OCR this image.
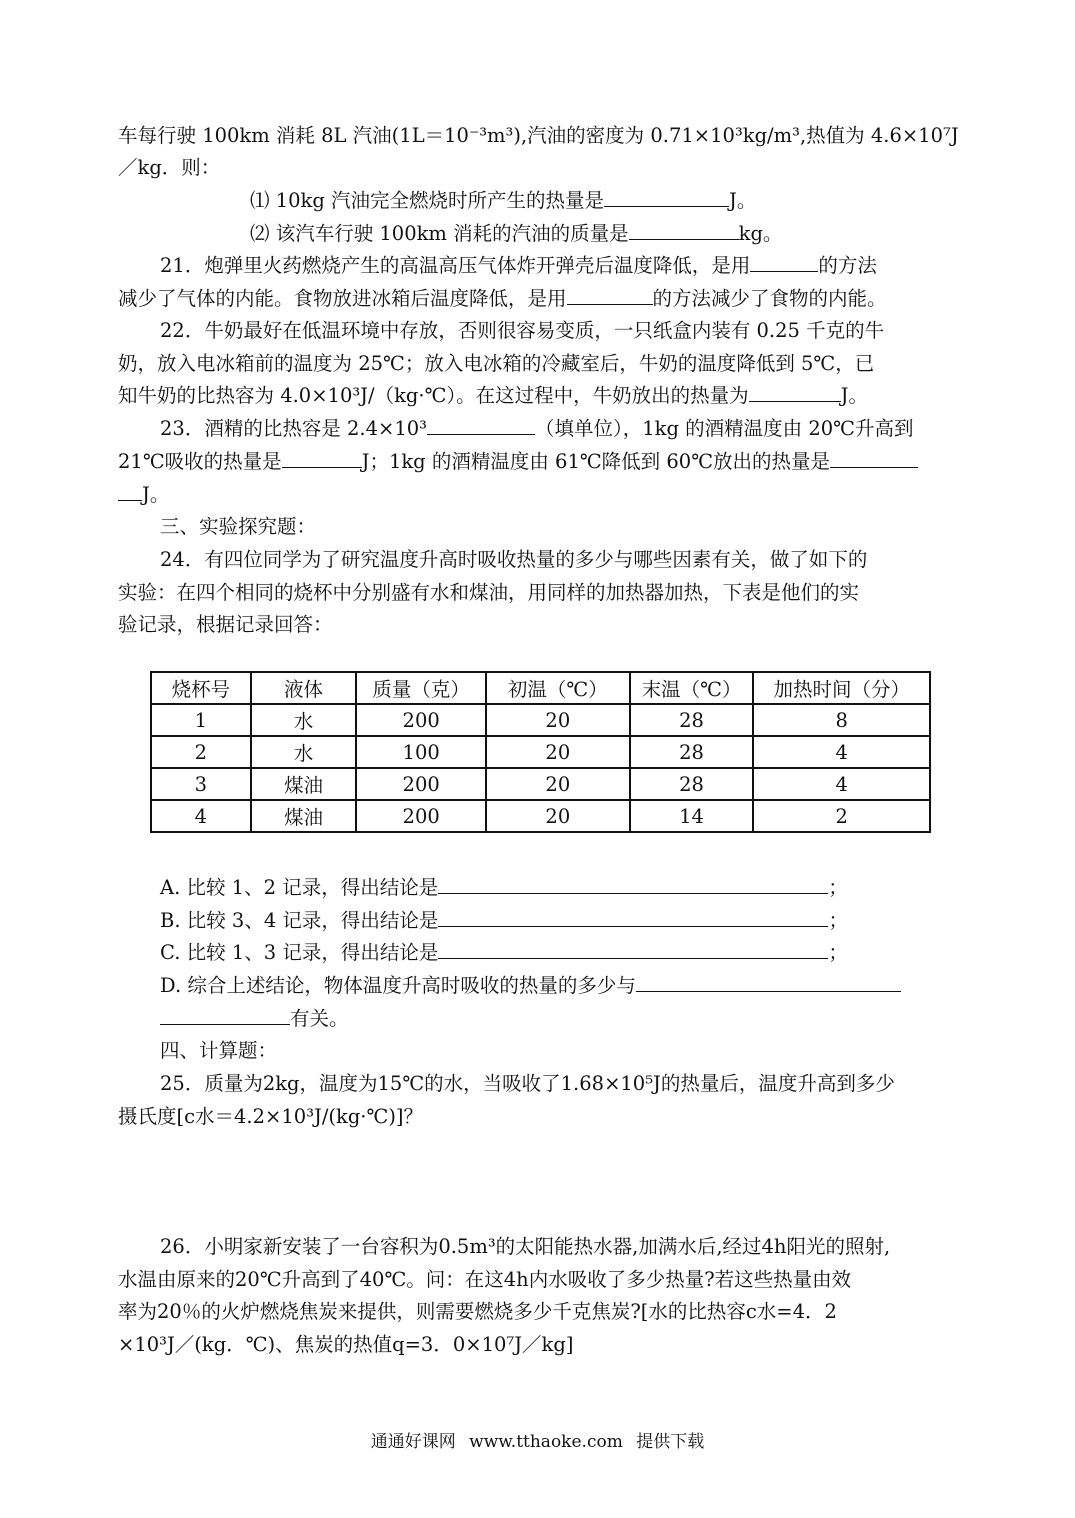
车每行驶 100km 消耗 8L 汽油(1L＝10⁻³m³),汽油的密度为 0.71×10³kg/m³,热值为 4.6×10⁷J
／kg．则：
⑴ 10kg 汽油完全燃烧时所产生的热量是	J。
⑵ 该汽车行驶 100km 消耗的汽油的质量是	kg。
21．炮弹里火药燃烧产生的高温高压气体炸开弹壳后温度降低，是用	的方法
减少了气体的内能。食物放进冰箱后温度降低，是用	的方法减少了食物的内能。
22．牛奶最好在低温环境中存放，否则很容易变质，一只纸盒内装有 0.25 千克的牛
奶，放入电冰箱前的温度为 25℃；放入电冰箱的冷藏室后，牛奶的温度降低到 5℃，已
知牛奶的比热容为 4.0×10³J/（kg·℃）。在这过程中，牛奶放出的热量为	J。
23．酒精的比热容是 2.4×10³	（填单位），1kg 的酒精温度由 20℃升高到
21℃吸收的热量是	J；1kg 的酒精温度由 61℃降低到 60℃放出的热量是
J。
三、实验探究题：
24．有四位同学为了研究温度升高时吸收热量的多少与哪些因素有关，做了如下的
实验：在四个相同的烧杯中分别盛有水和煤油，用同样的加热器加热，下表是他们的实
验记录，根据记录回答：
烧杯号	液体	质量（克）	初温（℃）	末温（℃）	加热时间（分）
1	水	200	20	28	8
2	水	100	20	28	4
3	煤油	200	20	28	4
4	煤油	200	20	14	2
A. 比较 1、2 记录，得出结论是	；
B. 比较 3、4 记录，得出结论是	；
C. 比较 1、3 记录，得出结论是	；
D. 综合上述结论，物体温度升高时吸收的热量的多少与
有关。
四、计算题：
25．质量为2kg，温度为15℃的水，当吸收了1.68×10⁵J的热量后，温度升高到多少
摄氏度[c水＝4.2×10³J/(kg·℃)]？
26．小明家新安装了一台容积为0.5m³的太阳能热水器,加满水后,经过4h阳光的照射,
水温由原来的20℃升高到了40℃。问：在这4h内水吸收了多少热量?若这些热量由效
率为20％的火炉燃烧焦炭来提供，则需要燃烧多少千克焦炭?[水的比热容c水=4．2
×10³J／(kg．℃)、焦炭的热值q=3．0×10⁷J／kg]
通通好课网 www.tthaoke.com 提供下载
